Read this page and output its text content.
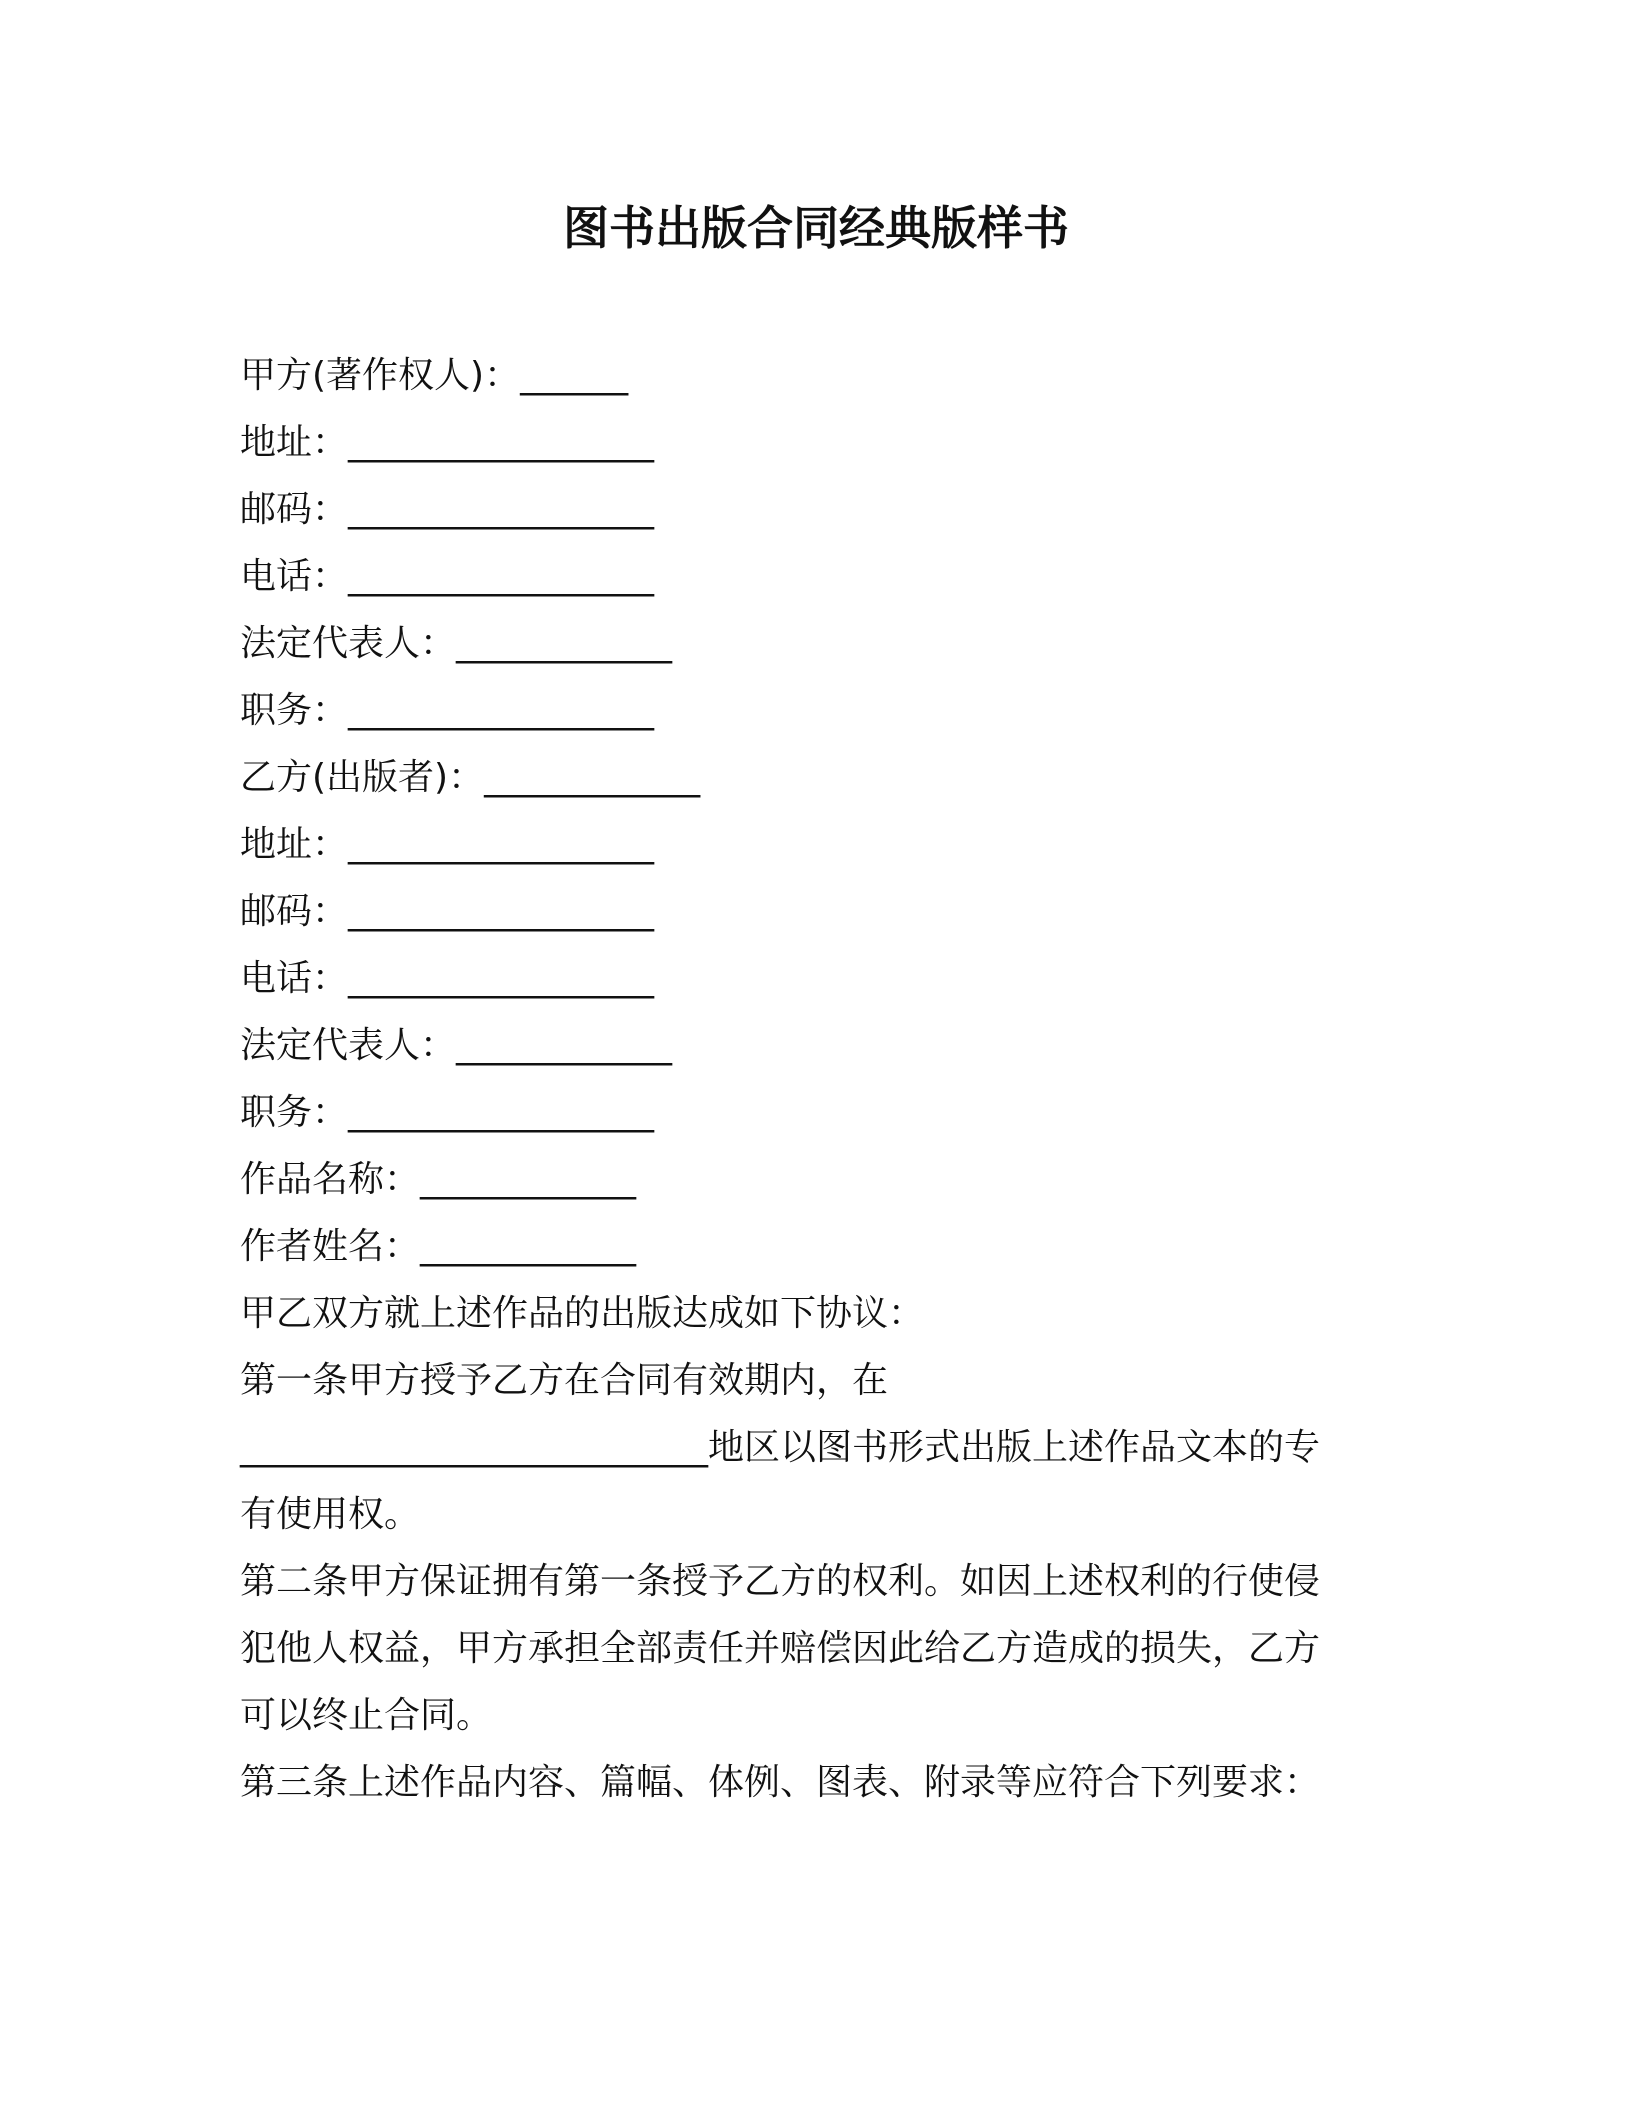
图书出版合同经典版样书
甲方(著作权人)：______
地址：_________________
邮码：_________________
电话：_________________
法定代表人：____________
职务：_________________
乙方(出版者)：____________
地址：_________________
邮码：_________________
电话：_________________
法定代表人：____________
职务：_________________
作品名称：____________
作者姓名：____________
甲乙双方就上述作品的出版达成如下协议：
第一条甲方授予乙方在合同有效期内，在
__________________________地区以图书形式出版上述作品文本的专
有使用权。
第二条甲方保证拥有第一条授予乙方的权利。如因上述权利的行使侵
犯他人权益，甲方承担全部责任并赔偿因此给乙方造成的损失，乙方
可以终止合同。
第三条上述作品内容、篇幅、体例、图表、附录等应符合下列要求：
